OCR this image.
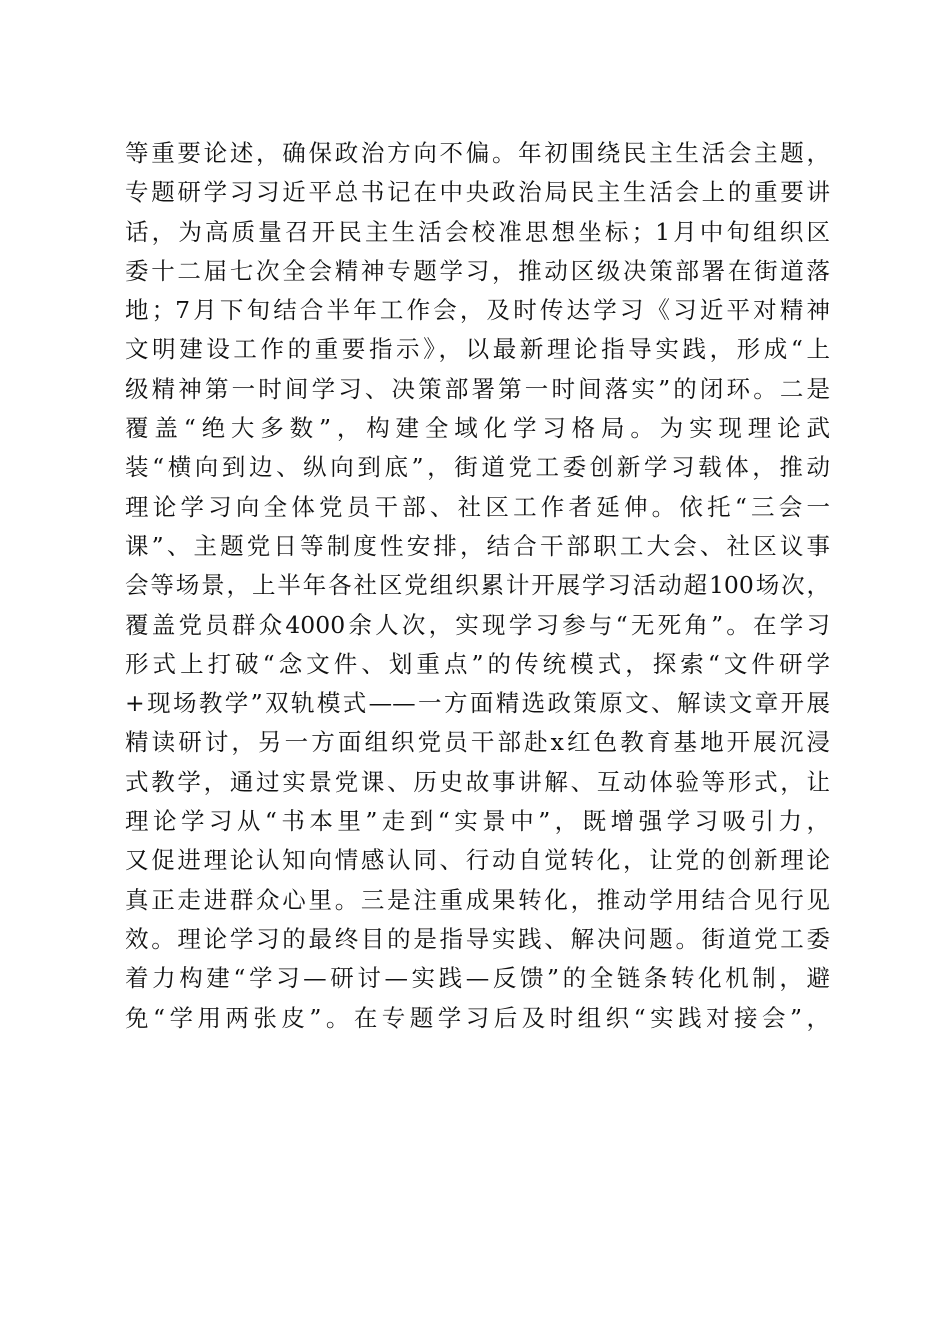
等重要论述，确保政治方向不偏。年初围绕民主生活会主题，
专题研学习习近平总书记在中央政治局民主生活会上的重要讲
话，为高质量召开民主生活会校准思想坐标；1月中旬组织区
委十二届七次全会精神专题学习，推动区级决策部署在街道落
地；7月下旬结合半年工作会，及时传达学习《习近平对精神
文明建设工作的重要指示》，以最新理论指导实践，形成“上
级精神第一时间学习、决策部署第一时间落实”的闭环。二是
覆盖“绝大多数”，构建全域化学习格局。为实现理论武
装“横向到边、纵向到底”，街道党工委创新学习载体，推动
理论学习向全体党员干部、社区工作者延伸。依托“三会一
课”、主题党日等制度性安排，结合干部职工大会、社区议事
会等场景，上半年各社区党组织累计开展学习活动超100场次，
覆盖党员群众4000余人次，实现学习参与“无死角”。在学习
形式上打破“念文件、划重点”的传统模式，探索“文件研学
+现场教学”双轨模式——一方面精选政策原文、解读文章开展
精读研讨，另一方面组织党员干部赴x红色教育基地开展沉浸
式教学，通过实景党课、历史故事讲解、互动体验等形式，让
理论学习从“书本里”走到“实景中”，既增强学习吸引力，
又促进理论认知向情感认同、行动自觉转化，让党的创新理论
真正走进群众心里。三是注重成果转化，推动学用结合见行见
效。理论学习的最终目的是指导实践、解决问题。街道党工委
着力构建“学习—研讨—实践—反馈”的全链条转化机制，避
免“学用两张皮”。在专题学习后及时组织“实践对接会”，
